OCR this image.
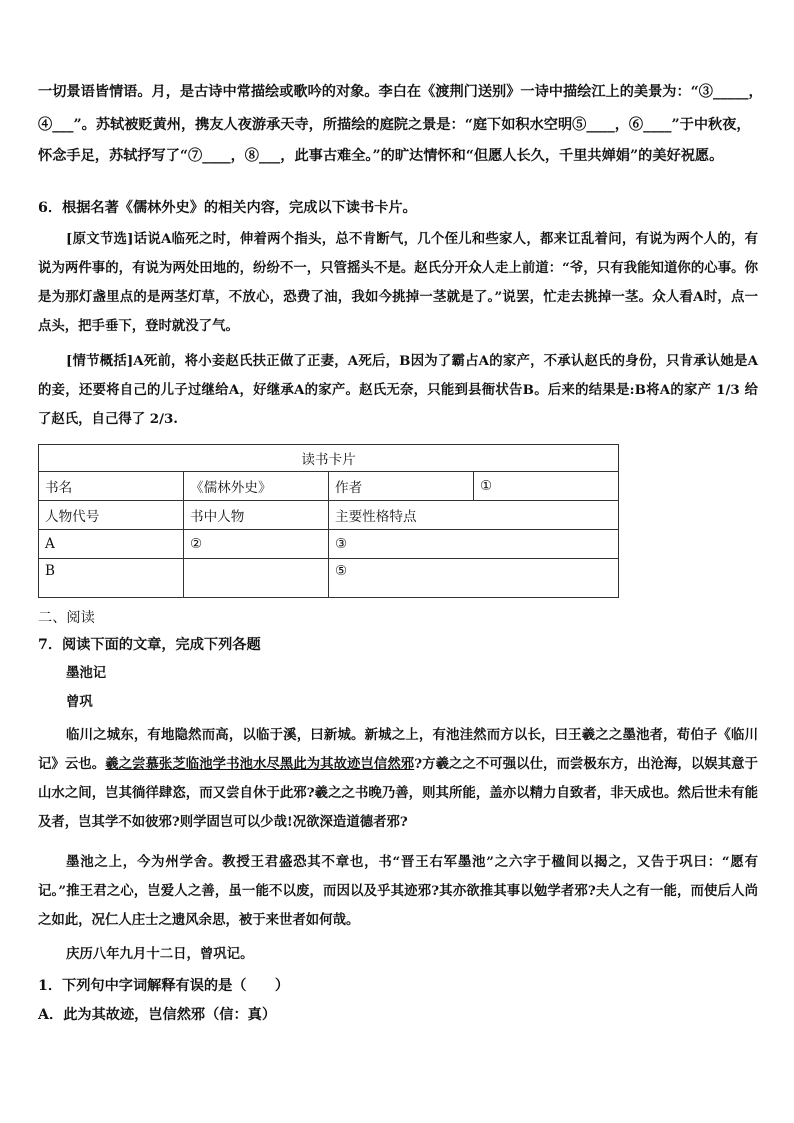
一切景语皆情语。月，是古诗中常描绘或歌吟的对象。李白在《渡荆门送别》一诗中描绘江上的美景为：“③_____，
④___”。苏轼被贬黄州，携友人夜游承天寺，所描绘的庭院之景是：“庭下如积水空明⑤____，⑥____”于中秋夜，
怀念手足，苏轼抒写了“⑦____，⑧___，此事古难全。”的旷达情怀和“但愿人长久，千里共婵娟”的美好祝愿。
6．根据名著《儒林外史》的相关内容，完成以下读书卡片。
[原文节选]话说A临死之时，伸着两个指头，总不肯断气，几个侄儿和些家人，都来讧乱着问，有说为两个人的，有说为两件事的，有说为两处田地的，纷纷不一，只管摇头不是。赵氏分开众人走上前道：“爷，只有我能知道你的心事。你是为那灯盏里点的是两茎灯草，不放心，恐费了油，我如今挑掉一茎就是了。”说罢，忙走去挑掉一茎。众人看A时，点一点头，把手垂下，登时就没了气。
[情节概括]A死前，将小妾赵氏扶正做了正妻，A死后，B因为了霸占A的家产，不承认赵氏的身份，只肯承认她是A的妾，还要将自己的儿子过继给A，好继承A的家产。赵氏无奈，只能到县衙状告B。后来的结果是:B将A的家产 1/3 给了赵氏，自己得了 2/3.
读书卡片			
书名	《儒林外史》	作者	①
人物代号	书中人物	主要性格特点	
A	②	③	
B		⑤	
二、阅读
7．阅读下面的文章，完成下列各题
墨池记
曾巩
临川之城东，有地隐然而高，以临于溪，曰新城。新城之上，有池洼然而方以长，曰王羲之之墨池者，荀伯子《临川记》云也。羲之尝慕张芝临池学书池水尽黑此为其故迹岂信然邪?方羲之之不可强以仕，而尝极东方，出沧海，以娱其意于山水之间，岂其徜徉肆恣，而又尝自休于此邪?羲之之书晚乃善，则其所能，盖亦以精力自致者，非天成也。然后世未有能及者，岂其学不如彼邪?则学固岂可以少哉!况欲深造道德者邪?
墨池之上，今为州学舍。教授王君盛恐其不章也，书“晋王右军墨池”之六字于楹间以揭之，又告于巩曰：“愿有记。”推王君之心，岂爱人之善，虽一能不以废，而因以及乎其迹邪?其亦欲推其事以勉学者邪?夫人之有一能，而使后人尚之如此，况仁人庄士之遗风余思，被于来世者如何哉。
庆历八年九月十二日，曾巩记。
1．下列句中字词解释有误的是（　　）
A．此为其故迹，岂信然邪（信：真）
